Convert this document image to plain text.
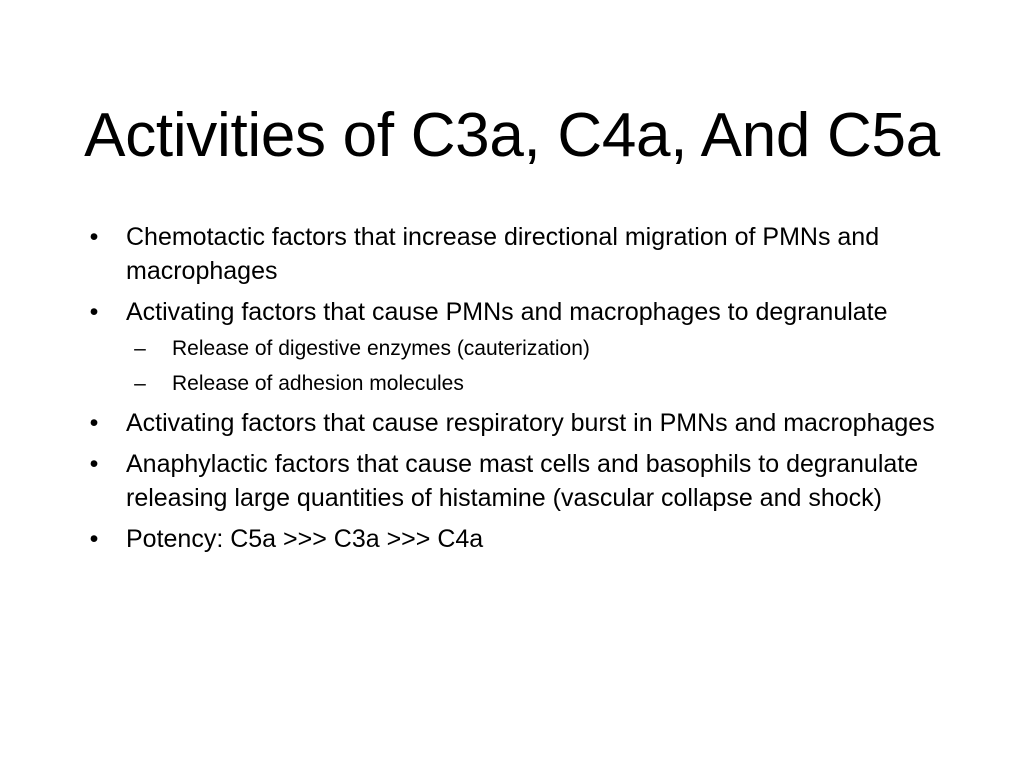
Activities of C3a, C4a, And C5a
• Chemotactic factors that increase directional migration of PMNs and macrophages
• Activating factors that cause PMNs and macrophages to degranulate
– Release of digestive enzymes (cauterization)
– Release of adhesion molecules
• Activating factors that cause respiratory burst in PMNs and macrophages
• Anaphylactic factors that cause mast cells and basophils to degranulate releasing large quantities of histamine (vascular collapse and shock)
• Potency: C5a >>> C3a >>> C4a
